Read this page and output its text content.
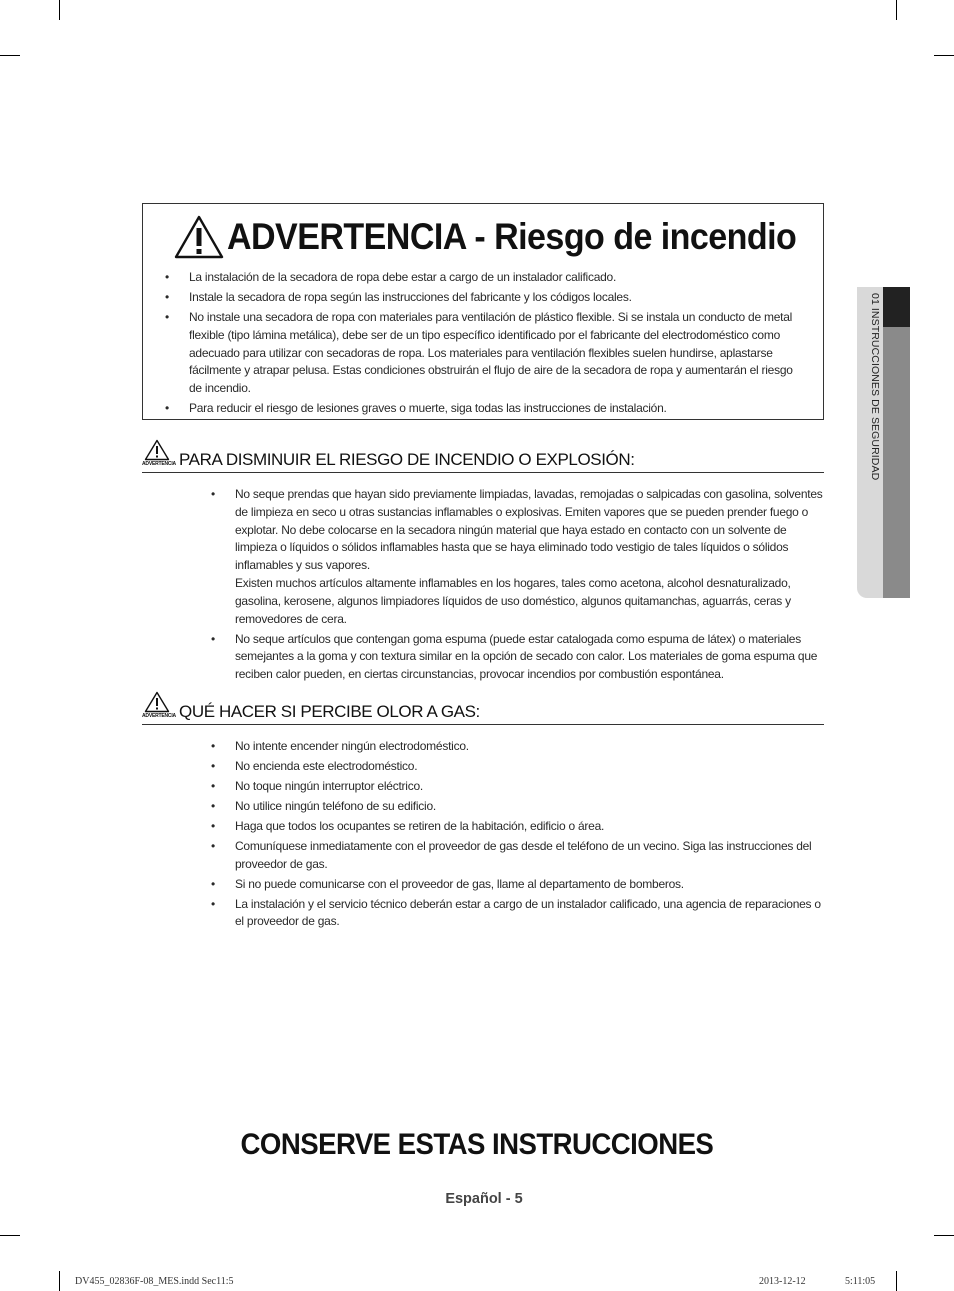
01 INSTRUCCIONES DE SEGURIDAD
ADVERTENCIA - Riesgo de incendio
• La instalación de la secadora de ropa debe estar a cargo de un instalador calificado.
• Instale la secadora de ropa según las instrucciones del fabricante y los códigos locales.
• No instale una secadora de ropa con materiales para ventilación de plástico flexible. Si se instala un conducto de metal flexible (tipo lámina metálica), debe ser de un tipo específico identificado por el fabricante del electrodoméstico como adecuado para utilizar con secadoras de ropa. Los materiales para ventilación flexibles suelen hundirse, aplastarse fácilmente y atrapar pelusa. Estas condiciones obstruirán el flujo de aire de la secadora de ropa y aumentarán el riesgo de incendio.
• Para reducir el riesgo de lesiones graves o muerte, siga todas las instrucciones de instalación.
ADVERTENCIA PARA DISMINUIR EL RIESGO DE INCENDIO O EXPLOSIÓN:
• No seque prendas que hayan sido previamente limpiadas, lavadas, remojadas o salpicadas con gasolina, solventes de limpieza en seco u otras sustancias inflamables o explosivas. Emiten vapores que se pueden prender fuego o explotar. No debe colocarse en la secadora ningún material que haya estado en contacto con un solvente de limpieza o líquidos o sólidos inflamables hasta que se haya eliminado todo vestigio de tales líquidos o sólidos inflamables y sus vapores.
Existen muchos artículos altamente inflamables en los hogares, tales como acetona, alcohol desnaturalizado, gasolina, kerosene, algunos limpiadores líquidos de uso doméstico, algunos quitamanchas, aguarrás, ceras y removedores de cera.
• No seque artículos que contengan goma espuma (puede estar catalogada como espuma de látex) o materiales semejantes a la goma y con textura similar en la opción de secado con calor. Los materiales de goma espuma que reciben calor pueden, en ciertas circunstancias, provocar incendios por combustión espontánea.
ADVERTENCIA QUÉ HACER SI PERCIBE OLOR A GAS:
• No intente encender ningún electrodoméstico.
• No encienda este electrodoméstico.
• No toque ningún interruptor eléctrico.
• No utilice ningún teléfono de su edificio.
• Haga que todos los ocupantes se retiren de la habitación, edificio o área.
• Comuníquese inmediatamente con el proveedor de gas desde el teléfono de un vecino. Siga las instrucciones del proveedor de gas.
• Si no puede comunicarse con el proveedor de gas, llame al departamento de bomberos.
• La instalación y el servicio técnico deberán estar a cargo de un instalador calificado, una agencia de reparaciones o el proveedor de gas.
CONSERVE ESTAS INSTRUCCIONES
Español - 5
DV455_02836F-08_MES.indd Sec11:5	2013-12-12	5:11:05
